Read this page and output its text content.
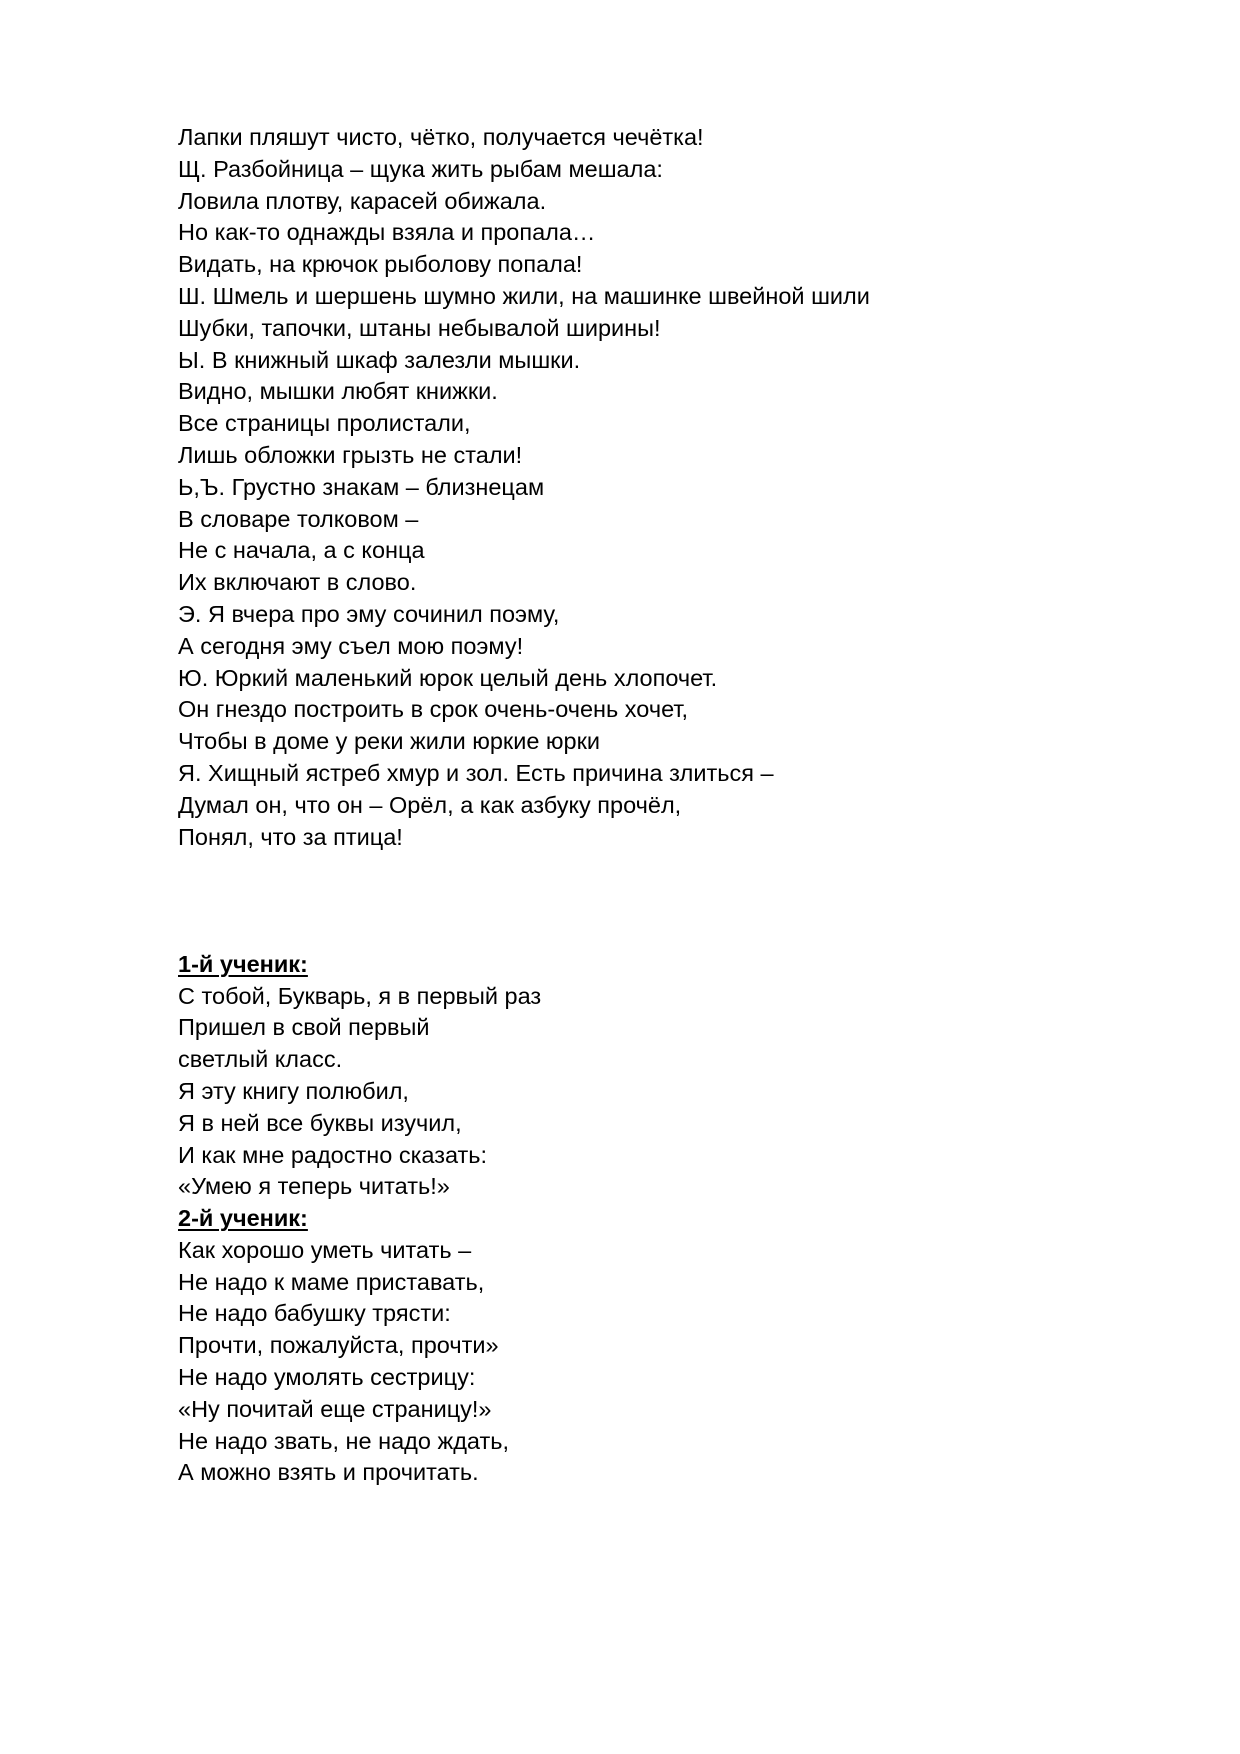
Лапки пляшут чисто, чётко, получается чечётка!
Щ. Разбойница – щука жить рыбам мешала:
Ловила плотву, карасей обижала.
Но как-то однажды взяла и пропала…
Видать, на крючок рыболову попала!
Ш. Шмель и шершень шумно жили, на машинке швейной шили
Шубки, тапочки, штаны небывалой ширины!
Ы. В книжный шкаф залезли мышки.
Видно, мышки любят книжки.
Все страницы пролистали,
Лишь обложки грызть не стали!
Ь,Ъ. Грустно знакам – близнецам
В словаре толковом –
Не с начала, а с конца
Их включают в слово.
Э. Я вчера про эму сочинил поэму,
А сегодня эму съел мою поэму!
Ю. Юркий маленький юрок целый день хлопочет.
Он гнездо построить в срок очень-очень хочет,
Чтобы в доме у реки жили юркие юрки
Я. Хищный ястреб хмур и зол. Есть причина злиться –
Думал он, что он – Орёл, а как азбуку прочёл,
Понял, что за птица!
1-й ученик:
С тобой, Букварь, я в первый раз
Пришел в свой первый
светлый класс.
Я эту книгу полюбил,
Я в ней все буквы изучил,
И как мне радостно сказать:
«Умею я теперь читать!»
2-й ученик:
Как хорошо уметь читать –
Не надо к маме приставать,
Не надо бабушку трясти:
Прочти, пожалуйста, прочти»
Не надо умолять сестрицу:
«Ну почитай еще страницу!»
Не надо звать, не надо ждать,
А можно взять и прочитать.
